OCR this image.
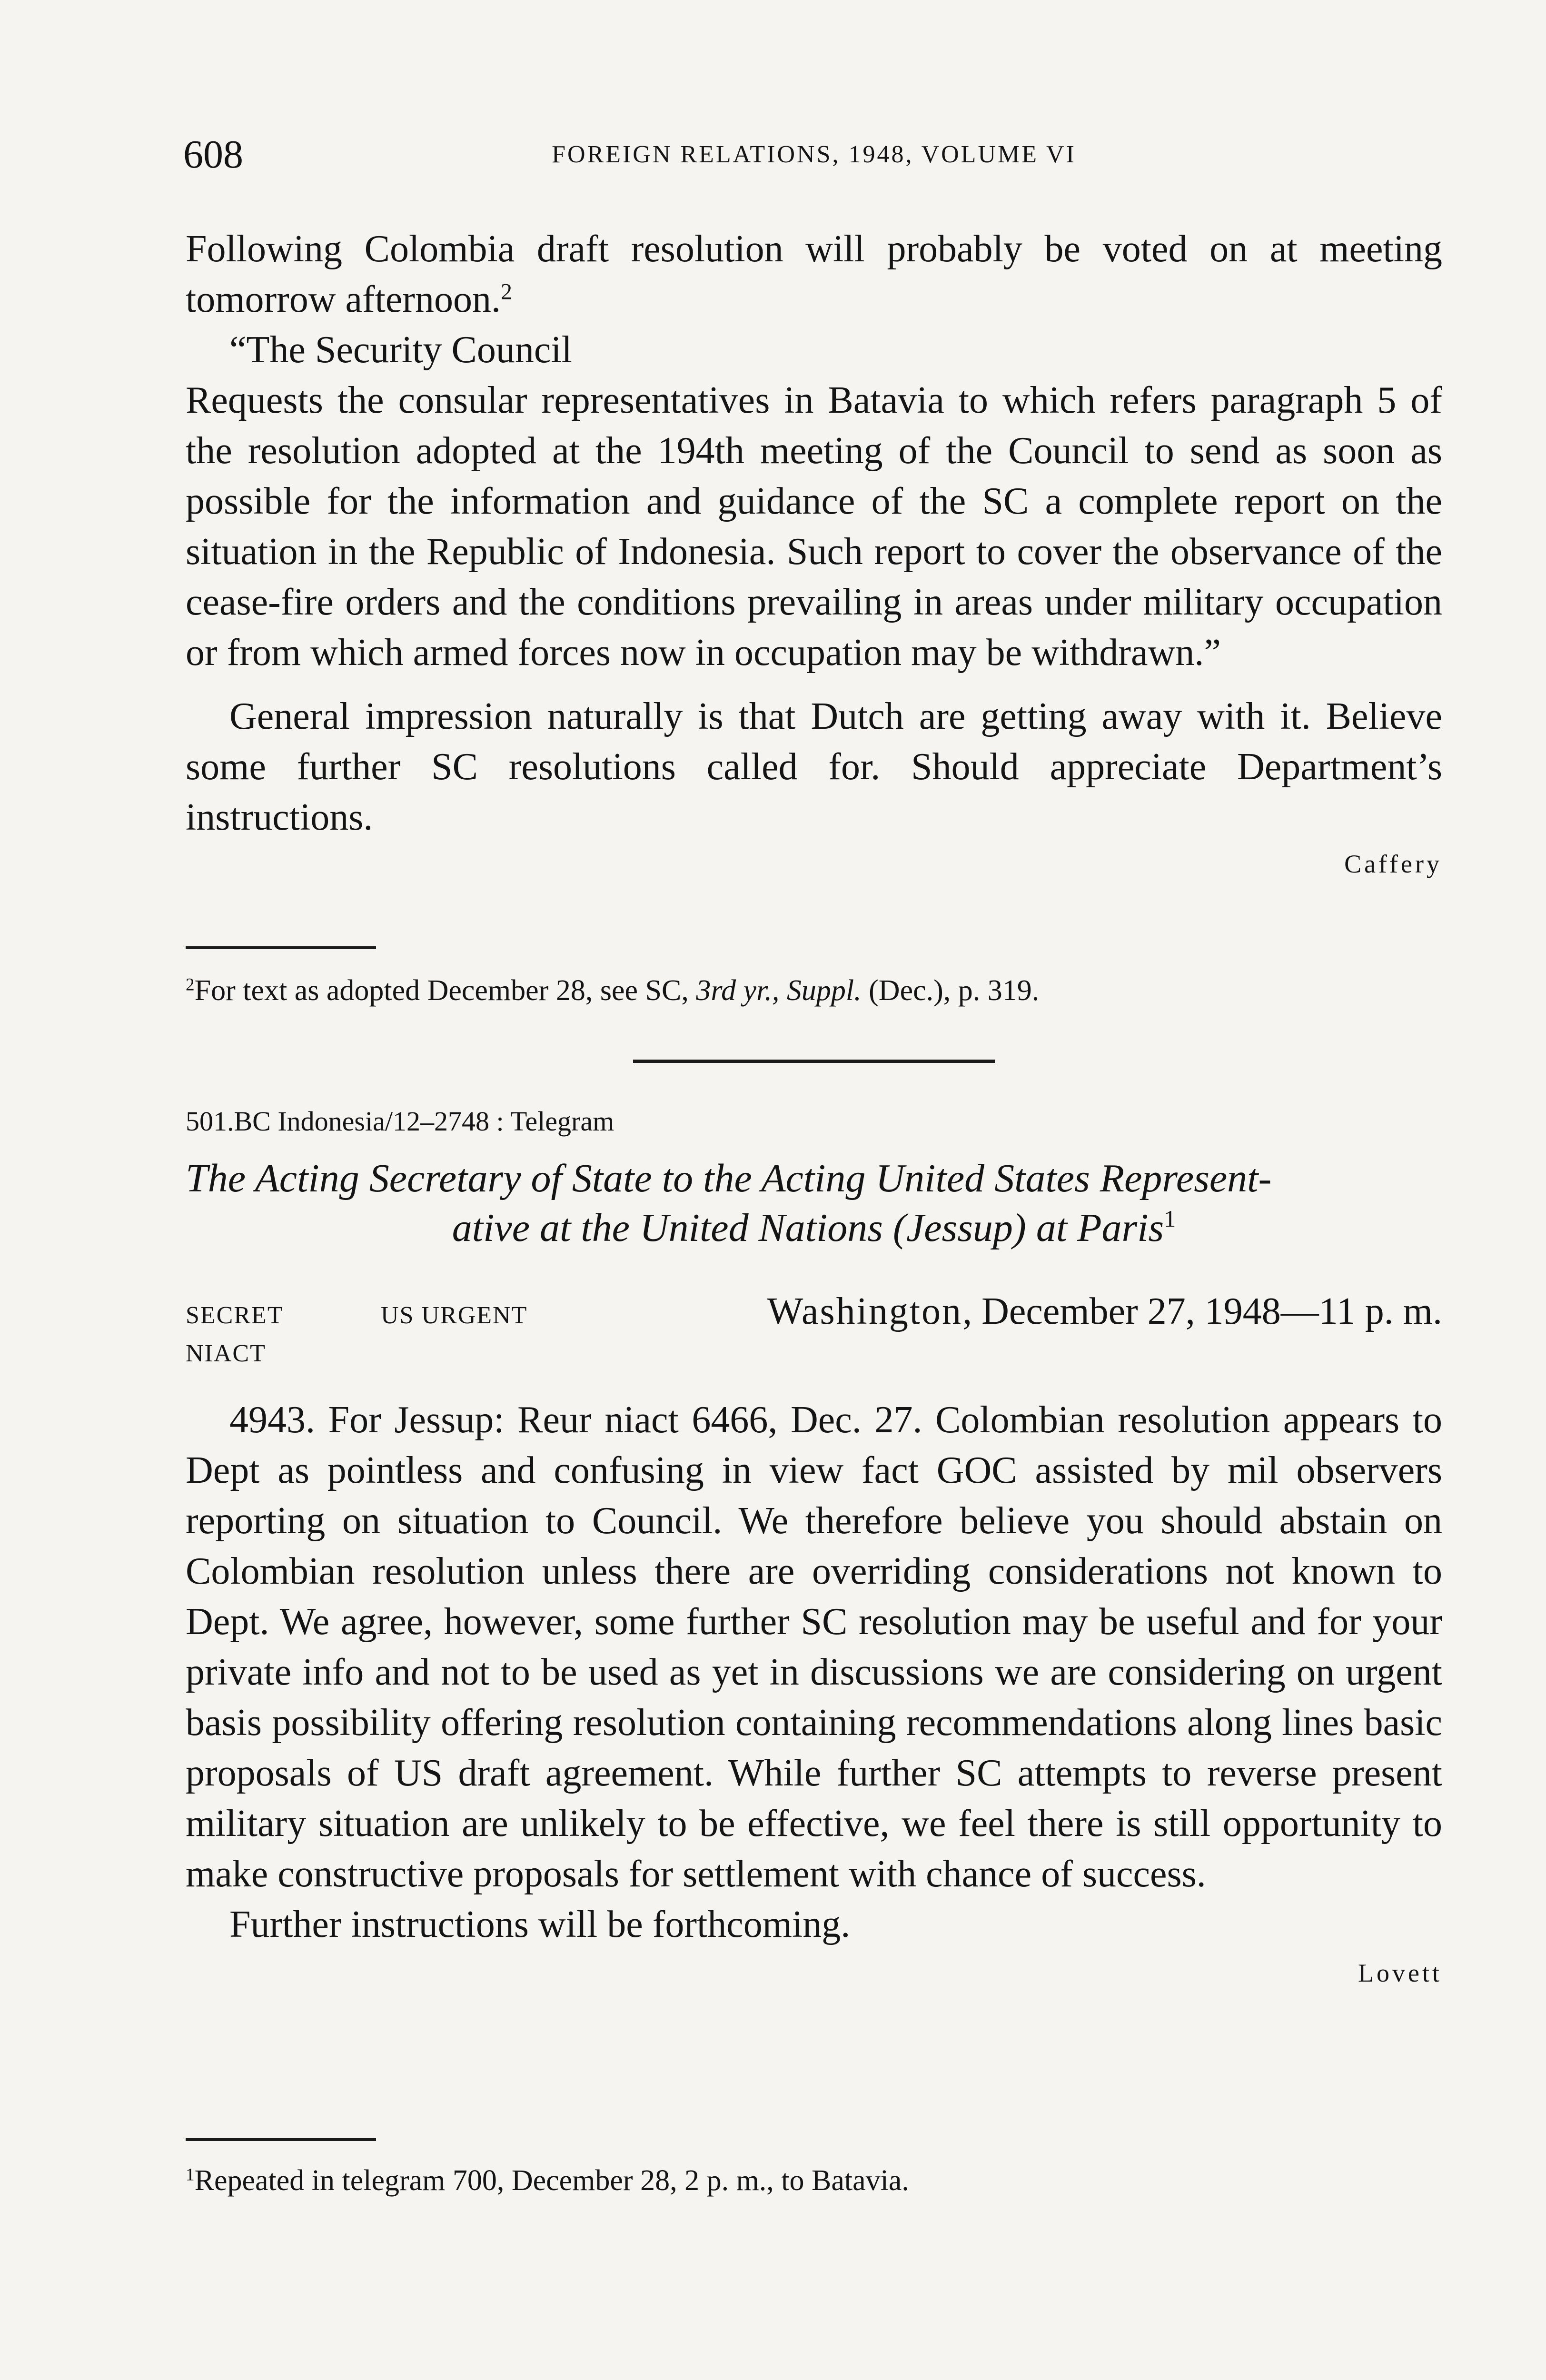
608	FOREIGN RELATIONS, 1948, VOLUME VI

Following Colombia draft resolution will probably be voted on at meeting tomorrow afternoon.$^2$

“The Security Council

Requests the consular representatives in Batavia to which refers paragraph 5 of the resolution adopted at the 194th meeting of the Council to send as soon as possible for the information and guidance of the SC a complete report on the situation in the Republic of Indonesia. Such report to cover the observance of the cease-fire orders and the conditions prevailing in areas under military occupation or from which armed forces now in occupation may be withdrawn.”

General impression naturally is that Dutch are getting away with it. Believe some further SC resolutions called for. Should appreciate Department’s instructions.

Caffery

$^2$For text as adopted December 28, see SC, 3rd yr., Suppl. (Dec.), p. 319.

501.BC Indonesia/12–2748 : Telegram

The Acting Secretary of State to the Acting United States Represent-

ative at the United Nations (Jessup) at Paris$^1$

SECRET	US URGENT	Washington, December 27, 1948—11 p. m.
NIACT

4943. For Jessup: Reur niact 6466, Dec. 27. Colombian resolution appears to Dept as pointless and confusing in view fact GOC assisted by mil observers reporting on situation to Council. We therefore believe you should abstain on Colombian resolution unless there are overriding considerations not known to Dept. We agree, however, some further SC resolution may be useful and for your private info and not to be used as yet in discussions we are considering on urgent basis possibility offering resolution containing recommendations along lines basic proposals of US draft agreement. While further SC attempts to reverse present military situation are unlikely to be effective, we feel there is still opportunity to make constructive proposals for settlement with chance of success.

Further instructions will be forthcoming.

Lovett

$^1$Repeated in telegram 700, December 28, 2 p. m., to Batavia.
